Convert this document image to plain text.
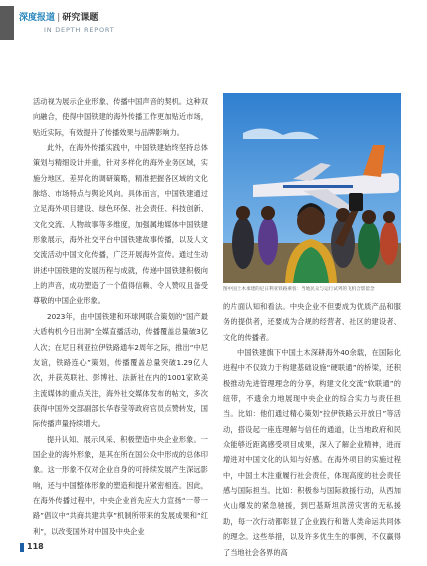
深度报道 | 研究课题
IN DEPTH REPORT

活动视为展示企业形象、传播中国声音的契机。这种双向融合，使得中国铁建的海外传播工作更加贴近市场，贴近实际，有效提升了传播效果与品牌影响力。

此外，在海外传播实践中，中国铁建始终坚持总体策划与精细设计并重，针对多样化的海外业务区域，实施分地区、差异化的调研策略，精准把握各区域的文化脉络、市场特点与舆论风向。具体而言，中国铁建通过立足海外项目建设、绿色环保、社会责任、科技创新、文化交流、人物故事等多维度，加强属地媒体中国铁建形象展示，海外社交平台中国铁建故事传播，以及人文交流活动中国文化传播，广泛开展海外宣传。通过生动讲述中国铁建的发展历程与成就，传递中国铁建积极向上的声音，成功塑造了一个值得信赖、令人赞叹且备受尊敬的中国企业形象。

2023年，由中国铁建和环球网联合策划的“国产最大盾构机今日出洞”全媒直播活动，传播覆盖总量破3亿人次；在尼日利亚拉伊铁路通车2周年之际，推出“中尼友谊，铁路连心”策划，传播覆盖总量突破1.29亿人次，并获英联社、彭博社、法新社在内的1001家欧美主流媒体的重点关注，海外社交媒体发布的帖文，多次获得中国外交部副部长华春莹等政府官员点赞转发，国际传播声量持续增大。

提升认知、展示风采、积极塑造中央企业形象。一国企业的海外形象，是其在所在国公众中形成的总体印象。这一形象不仅对企业自身的可持续发展产生深远影响，还与中国整体形象的塑造和提升紧密相连。因此，在海外传播过程中，中央企业首先应大力宣扬“一带一路”倡议中“共商共建共享”机制所带来的发展成果和“红利”，以改变国外对中国及中央企业

图中国土木承建的尼日利亚铁路乘客：当地民众与运行试列的飞机合影留念

的片面认知和看法。中央企业不但要成为优质产品和服务的提供者，还要成为合规的经营者、社区的建设者、文化的传播者。

中国铁建旗下中国土木深耕海外40余载，在国际化进程中不仅致力于构建基础设施“硬联通”的桥梁，还积极推动先进管理理念的分享，构建文化交流“软联通”的纽带，不遗余力地展现中央企业的综合实力与责任担当。比如：他们通过精心策划“拉伊铁路云开放日”等活动，搭设起一座连理解与信任的通道，让当地政府和民众能够近距离感受项目成果，深入了解企业精神，进而增进对中国文化的认知与好感。在海外项目的实施过程中，中国土木注重履行社会责任，体现高度的社会责任感与国际担当。比如：积极参与国际救援行动，从西加火山爆发的紧急驰援，到巴基斯坦洪涝灾害的无私援助，每一次行动都彰显了企业践行和谐人类命运共同体的理念。这些举措，以及许多优生生的事例，不仅赢得了当地社会各界的高

118
